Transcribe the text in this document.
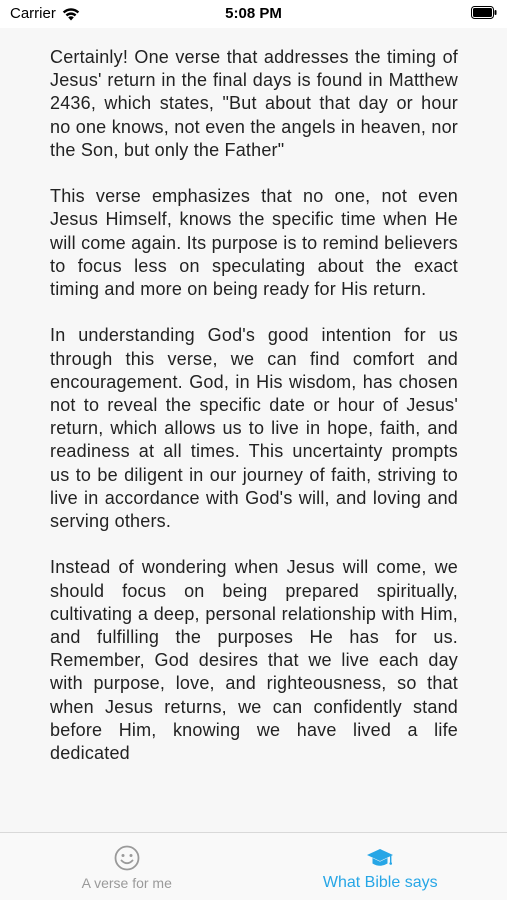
Carrier	5:08 PM

Certainly! One verse that addresses the timing of Jesus' return in the final days is found in Matthew 2436, which states, "But about that day or hour no one knows, not even the angels in heaven, nor the Son, but only the Father"

This verse emphasizes that no one, not even Jesus Himself, knows the specific time when He will come again. Its purpose is to remind believers to focus less on speculating about the exact timing and more on being ready for His return.

In understanding God's good intention for us through this verse, we can find comfort and encouragement. God, in His wisdom, has chosen not to reveal the specific date or hour of Jesus' return, which allows us to live in hope, faith, and readiness at all times. This uncertainty prompts us to be diligent in our journey of faith, striving to live in accordance with God's will, and loving and serving others.

Instead of wondering when Jesus will come, we should focus on being prepared spiritually, cultivating a deep, personal relationship with Him, and fulfilling the purposes He has for us. Remember, God desires that we live each day with purpose, love, and righteousness, so that when Jesus returns, we can confidently stand before Him, knowing we have lived a life dedicated

A verse for me	What Bible says
